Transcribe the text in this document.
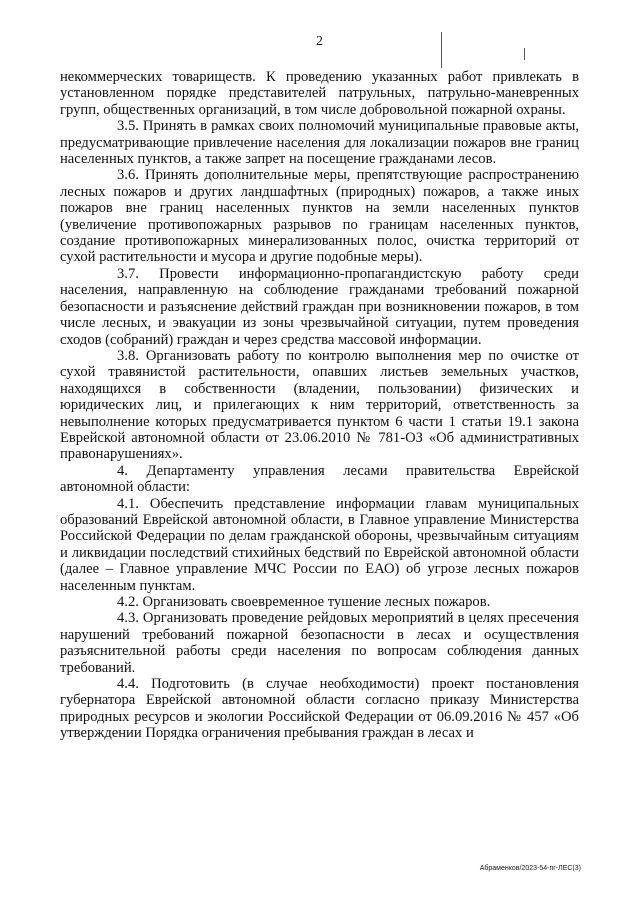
2

некоммерческих товариществ. К проведению указанных работ привлекать в установленном порядке представителей патрульных, патрульно-маневренных групп, общественных организаций, в том числе добровольной пожарной охраны.

3.5. Принять в рамках своих полномочий муниципальные правовые акты, предусматривающие привлечение населения для локализации пожаров вне границ населенных пунктов, а также запрет на посещение гражданами лесов.

3.6. Принять дополнительные меры, препятствующие распространению лесных пожаров и других ландшафтных (природных) пожаров, а также иных пожаров вне границ населенных пунктов на земли населенных пунктов (увеличение противопожарных разрывов по границам населенных пунктов, создание противопожарных минерализованных полос, очистка территорий от сухой растительности и мусора и другие подобные меры).

3.7. Провести информационно-пропагандистскую работу среди населения, направленную на соблюдение гражданами требований пожарной безопасности и разъяснение действий граждан при возникновении пожаров, в том числе лесных, и эвакуации из зоны чрезвычайной ситуации, путем проведения сходов (собраний) граждан и через средства массовой информации.

3.8. Организовать работу по контролю выполнения мер по очистке от сухой травянистой растительности, опавших листьев земельных участков, находящихся в собственности (владении, пользовании) физических и юридических лиц, и прилегающих к ним территорий, ответственность за невыполнение которых предусматривается пунктом 6 части 1 статьи 19.1 закона Еврейской автономной области от 23.06.2010 № 781-ОЗ «Об административных правонарушениях».

4. Департаменту управления лесами правительства Еврейской автономной области:

4.1. Обеспечить представление информации главам муниципальных образований Еврейской автономной области, в Главное управление Министерства Российской Федерации по делам гражданской обороны, чрезвычайным ситуациям и ликвидации последствий стихийных бедствий по Еврейской автономной области (далее – Главное управление МЧС России по ЕАО) об угрозе лесных пожаров населенным пунктам.

4.2. Организовать своевременное тушение лесных пожаров.

4.3. Организовать проведение рейдовых мероприятий в целях пресечения нарушений требований пожарной безопасности в лесах и осуществления разъяснительной работы среди населения по вопросам соблюдения данных требований.

4.4. Подготовить (в случае необходимости) проект постановления губернатора Еврейской автономной области согласно приказу Министерства природных ресурсов и экологии Российской Федерации от 06.09.2016 № 457 «Об утверждении Порядка ограничения пребывания граждан в лесах и

Абраменков/2023-54-пг-ЛЕС(3)
